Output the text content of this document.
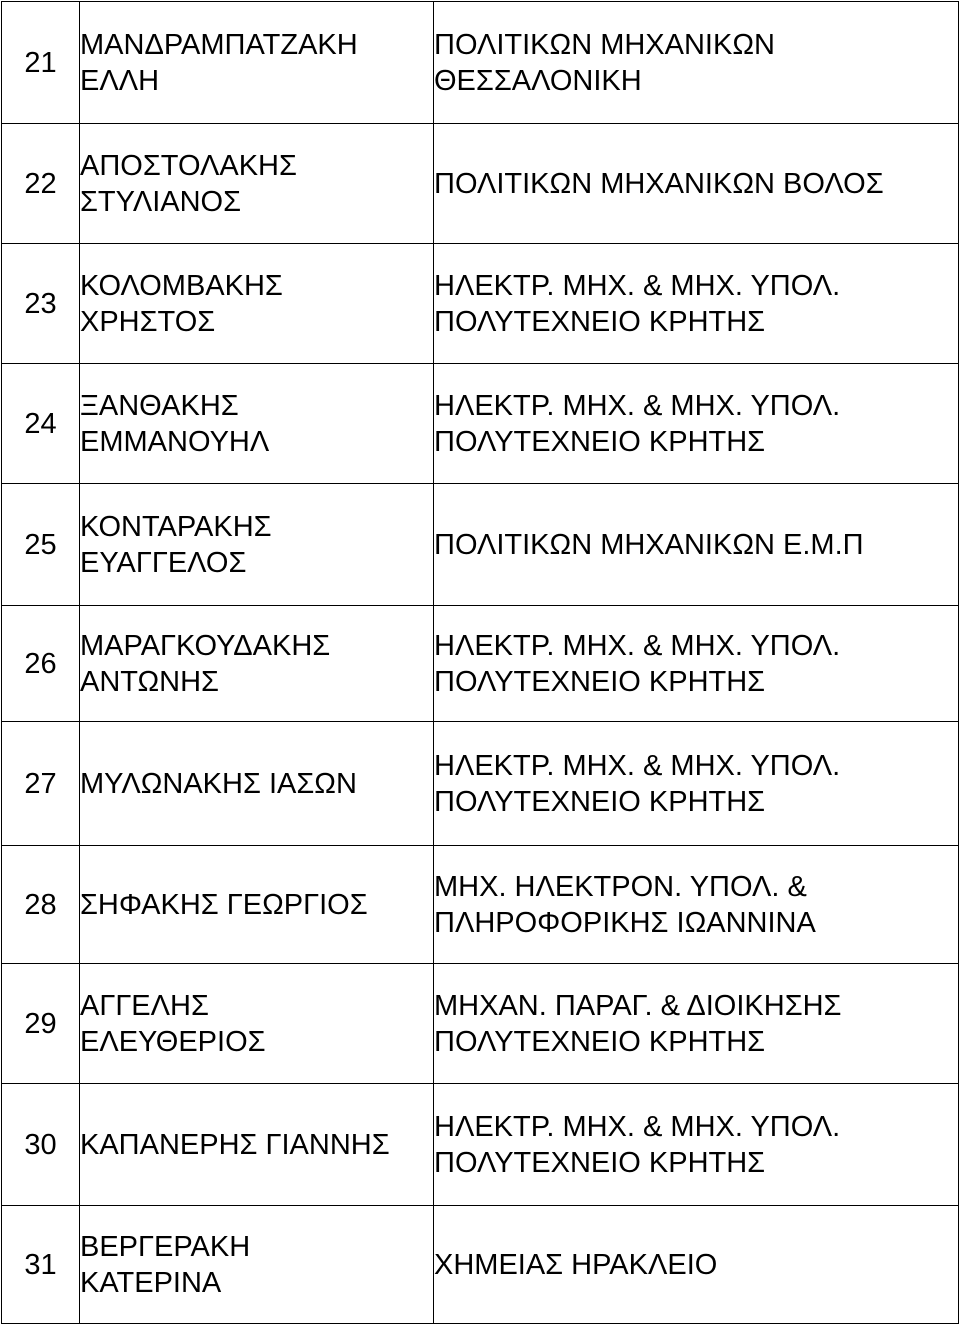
21	ΜΑΝΔΡΑΜΠΑΤΖΑΚΗ
ΕΛΛΗ	ΠΟΛΙΤΙΚΩΝ ΜΗΧΑΝΙΚΩΝ
ΘΕΣΣΑΛΟΝΙΚΗ

22	ΑΠΟΣΤΟΛΑΚΗΣ
ΣΤΥΛΙΑΝΟΣ	ΠΟΛΙΤΙΚΩΝ ΜΗΧΑΝΙΚΩΝ ΒΟΛΟΣ

23	ΚΟΛΟΜΒΑΚΗΣ
ΧΡΗΣΤΟΣ	ΗΛΕΚΤΡ. ΜΗΧ. & ΜΗΧ. ΥΠΟΛ.
ΠΟΛΥΤΕΧΝΕΙΟ ΚΡΗΤΗΣ

24	ΞΑΝΘΑΚΗΣ
ΕΜΜΑΝΟΥΗΛ	ΗΛΕΚΤΡ. ΜΗΧ. & ΜΗΧ. ΥΠΟΛ.
ΠΟΛΥΤΕΧΝΕΙΟ ΚΡΗΤΗΣ

25	ΚΟΝΤΑΡΑΚΗΣ
ΕΥΑΓΓΕΛΟΣ	ΠΟΛΙΤΙΚΩΝ ΜΗΧΑΝΙΚΩΝ Ε.Μ.Π

26	ΜΑΡΑΓΚΟΥΔΑΚΗΣ
ΑΝΤΩΝΗΣ	ΗΛΕΚΤΡ. ΜΗΧ. & ΜΗΧ. ΥΠΟΛ.
ΠΟΛΥΤΕΧΝΕΙΟ ΚΡΗΤΗΣ

27	ΜΥΛΩΝΑΚΗΣ ΙΑΣΩΝ	ΗΛΕΚΤΡ. ΜΗΧ. & ΜΗΧ. ΥΠΟΛ.
ΠΟΛΥΤΕΧΝΕΙΟ ΚΡΗΤΗΣ

28	ΣΗΦΑΚΗΣ ΓΕΩΡΓΙΟΣ	ΜΗΧ. ΗΛΕΚΤΡΟΝ. ΥΠΟΛ. &
ΠΛΗΡΟΦΟΡΙΚΗΣ ΙΩΑΝΝΙΝΑ

29	ΑΓΓΕΛΗΣ
ΕΛΕΥΘΕΡΙΟΣ	ΜΗΧΑΝ. ΠΑΡΑΓ. & ΔΙΟΙΚΗΣΗΣ
ΠΟΛΥΤΕΧΝΕΙΟ ΚΡΗΤΗΣ

30	ΚΑΠΑΝΕΡΗΣ ΓΙΑΝΝΗΣ	ΗΛΕΚΤΡ. ΜΗΧ. & ΜΗΧ. ΥΠΟΛ.
ΠΟΛΥΤΕΧΝΕΙΟ ΚΡΗΤΗΣ

31	ΒΕΡΓΕΡΑΚΗ
ΚΑΤΕΡΙΝΑ	ΧΗΜΕΙΑΣ ΗΡΑΚΛΕΙΟ
